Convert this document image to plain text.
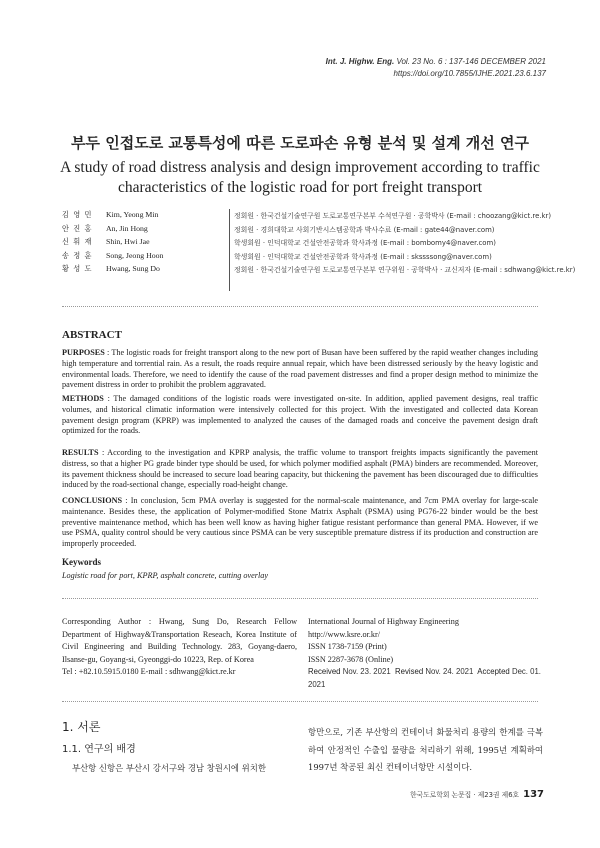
Int. J. Highw. Eng. Vol. 23 No. 6 : 137-146 DECEMBER 2021
https://doi.org/10.7855/IJHE.2021.23.6.137
부두 인접도로 교통특성에 따른 도로파손 유형 분석 및 설계 개선 연구
A study of road distress analysis and design improvement according to traffic characteristics of the logistic road for port freight transport
김 영 민	Kim, Yeong Min	정회원 · 한국건설기술연구원 도로교통연구본부 수석연구원 · 공학박사 (E-mail : choozang@kict.re.kr)
안 진 홍	An, Jin Hong	정회원 · 경희대학교 사회기반시스템공학과 박사수료 (E-mail : gate44@naver.com)
신 휘 재	Shin, Hwi Jae	학생회원 · 인덕대학교 건설안전공학과 학사과정 (E-mail : bombomy4@naver.com)
송 정 훈	Song, Jeong Hoon	학생회원 · 인덕대학교 건설안전공학과 학사과정 (E-mail : skssssong@naver.com)
황 성 도	Hwang, Sung Do	정회원 · 한국건설기술연구원 도로교통연구본부 연구위원 · 공학박사 · 교신저자 (E-mail : sdhwang@kict.re.kr)
ABSTRACT
PURPOSES : The logistic roads for freight transport along to the new port of Busan have been suffered by the rapid weather changes including high temperature and torrential rain. As a result, the roads require annual repair, which have been distressed seriously by the heavy logistic and environmental loads. Therefore, we need to identify the cause of the road pavement distresses and find a proper design method to minimize the pavement distress in order to prohibit the problem aggravated.
METHODS : The damaged conditions of the logistic roads were investigated on-site. In addition, applied pavement designs, real traffic volumes, and historical climatic information were intensively collected for this project. With the investigated and collected data Korean pavement design program (KPRP) was implemented to analyzed the causes of the damaged roads and conceive the pavement design draft optimized for the roads.
RESULTS : According to the investigation and KPRP analysis, the traffic volume to transport freights impacts significantly the pavement distress, so that a higher PG grade binder type should be used, for which polymer modified asphalt (PMA) binders are recommended. Moreover, its pavement thickness should be increased to secure load bearing capacity, but thickening the pavement has been discouraged due to difficulties induced by the road-sectional change, especially road-height change.
CONCLUSIONS : In conclusion, 5cm PMA overlay is suggested for the normal-scale maintenance, and 7cm PMA overlay for large-scale maintenance. Besides these, the application of Polymer-modified Stone Matrix Asphalt (PSMA) using PG76-22 binder would be the best preventive maintenance method, which has been well know as having higher fatigue resistant performance than general PMA. However, if we use PSMA, quality control should be very cautious since PSMA can be very susceptible premature distress if its production and construction are improperly proceeded.
Keywords
Logistic road for port, KPRP, asphalt concrete, cutting overlay
Corresponding Author : Hwang, Sung Do, Research Fellow Department of Highway&Transportation Reseach, Korea Institute of Civil Engineering and Building Technology. 283, Goyang-daero, Ilsanse-gu, Goyang-si, Gyeonggi-do 10223, Rep. of Korea
Tel : +82.10.5915.0180 E-mail : sdhwang@kict.re.kr
International Journal of Highway Engineering
http://www.ksre.or.kr/
ISSN 1738-7159 (Print)
ISSN 2287-3678 (Online)
Received Nov. 23. 2021 Revised Nov. 24. 2021 Accepted Dec. 01. 2021
1. 서론
1.1. 연구의 배경
부산항 신항은 부산시 강서구와 경남 창원시에 위치한
항만으로, 기존 부산항의 컨테이너 화물처리 용량의 한계를 극복하여 안정적인 수출입 물량을 처리하기 위해, 1995년 계획하여 1997년 착공된 최신 컨테이너항만 시설이다.
한국도로학회 논문집 · 제23권 제6호 137
